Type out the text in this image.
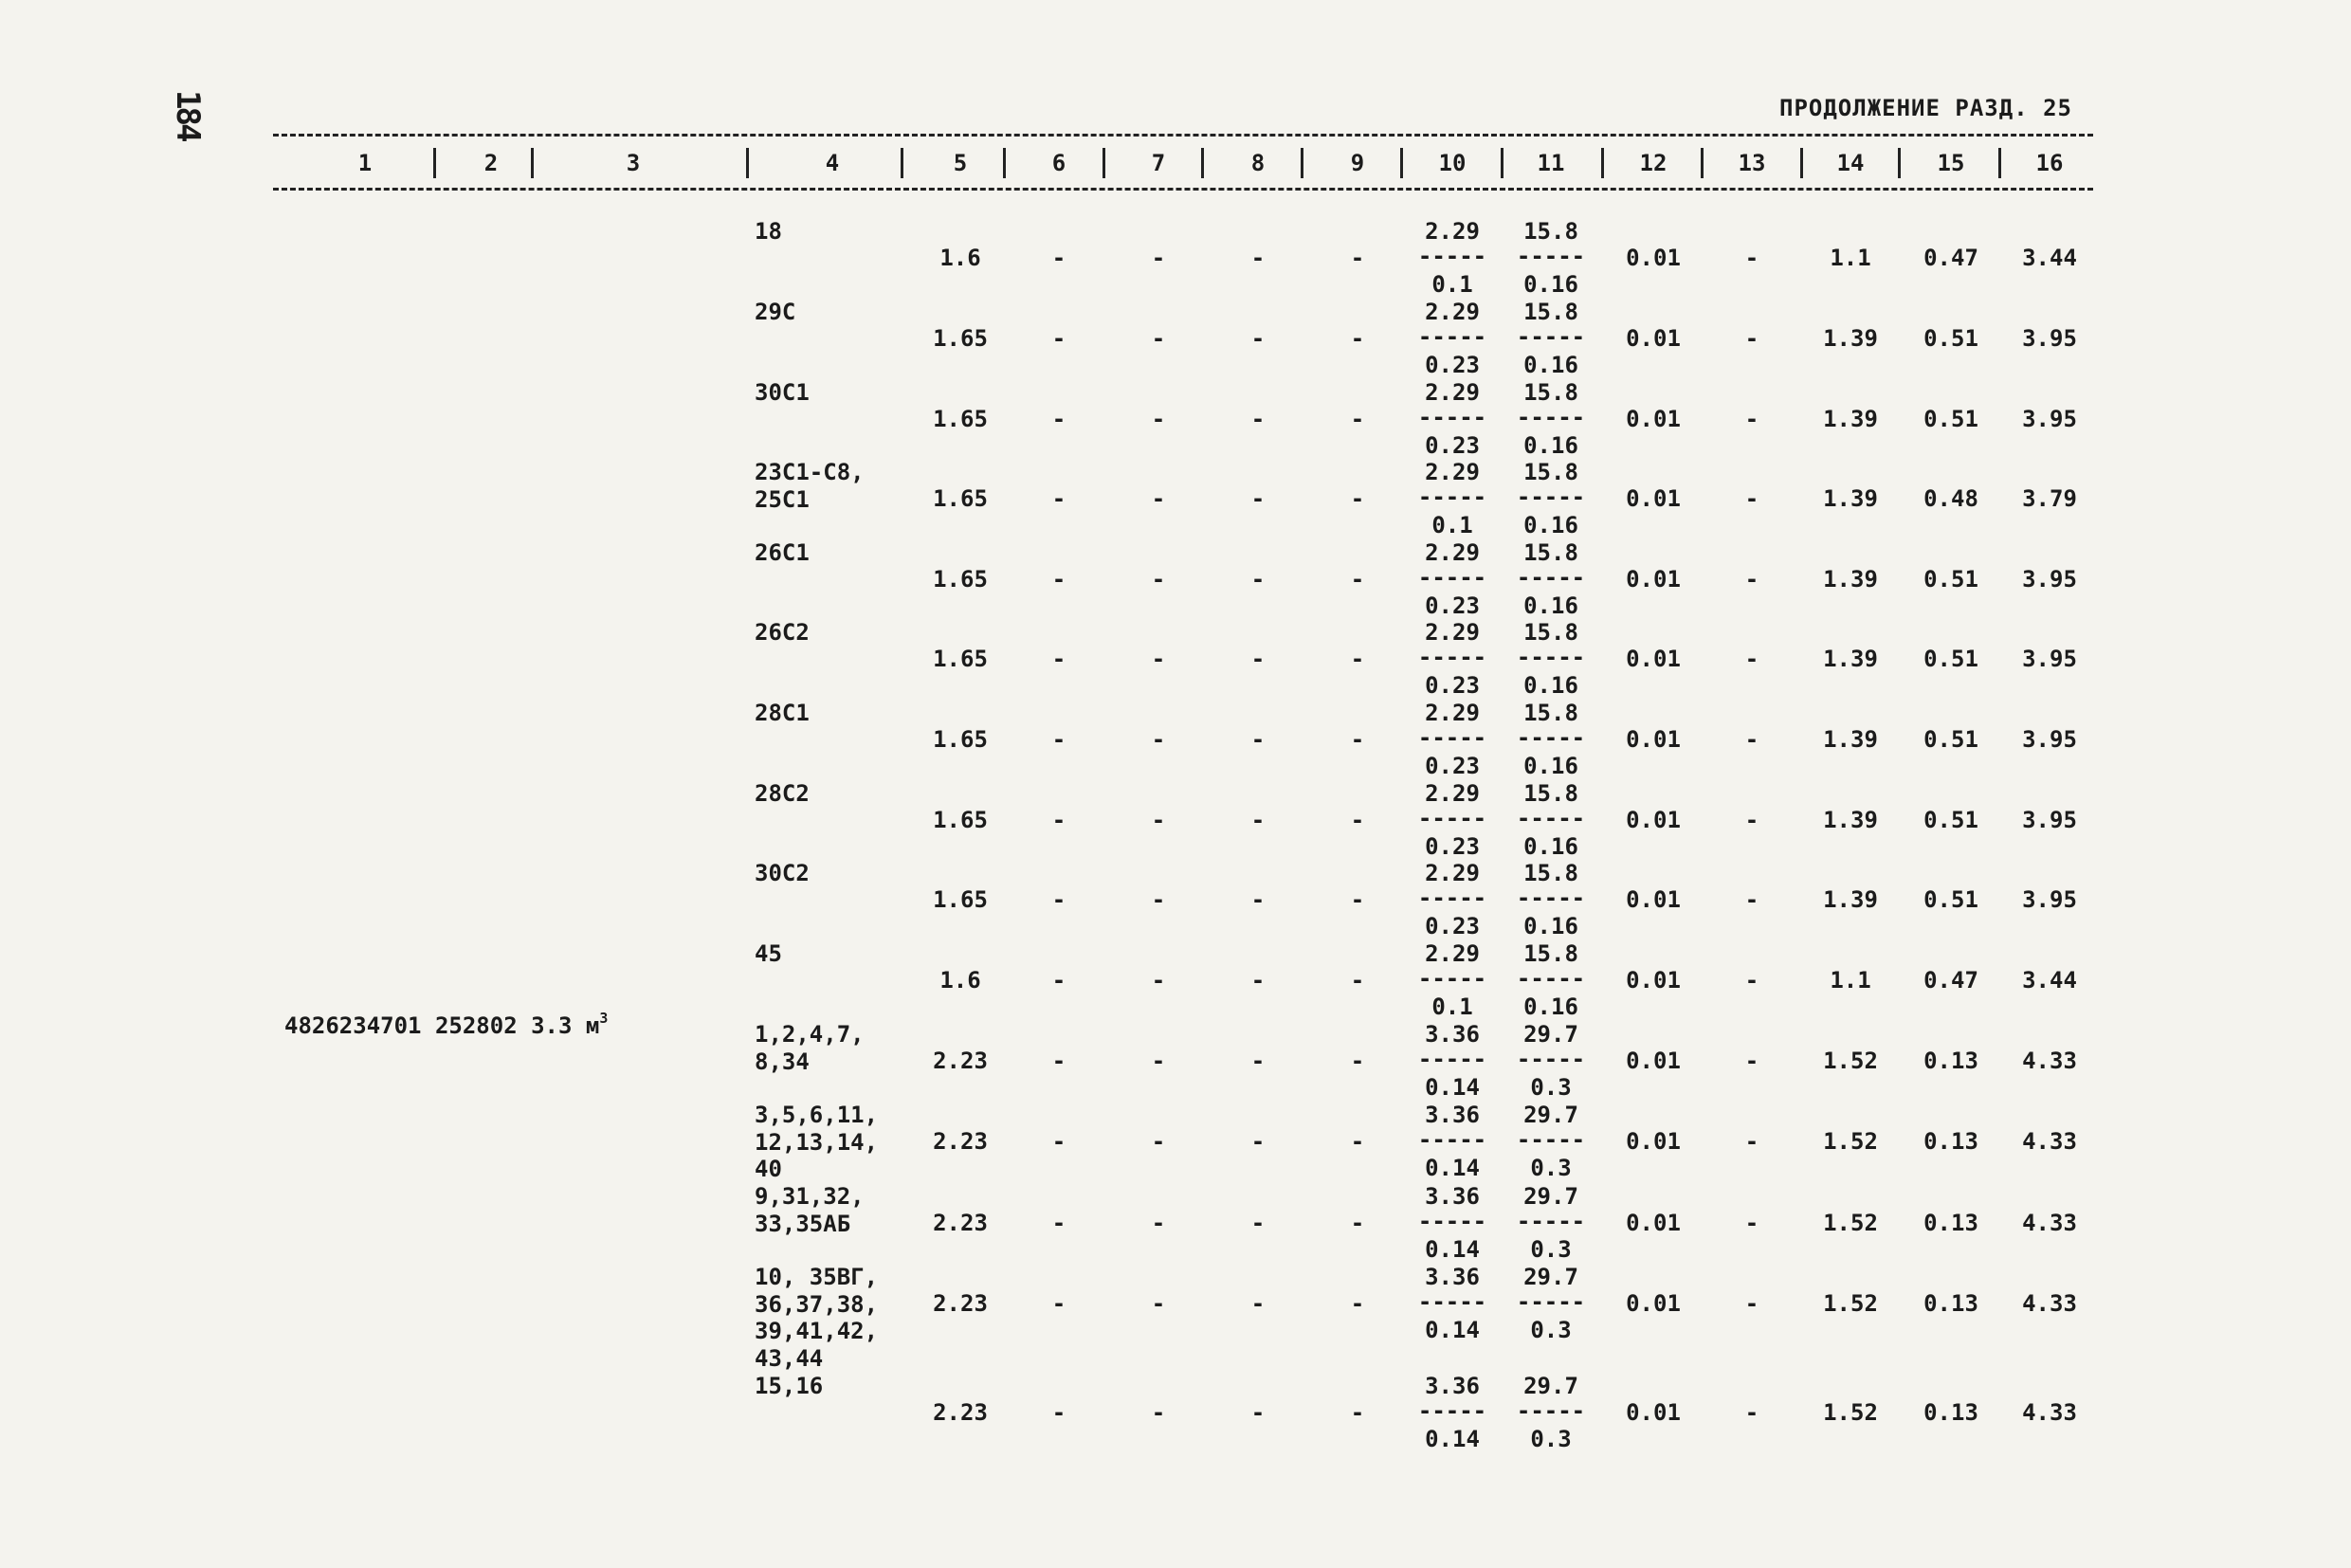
184	ПРОДОЛЖЕНИЕ РАЗД. 25
1	2	3	4	5	6	7	8	9	10	11	12	13	14	15	16
4826234701 252802 3.3 $м^3$
18	2.29 15.8
----- -----
0.1 0.16
1.6	-	-	-	-	0.01	-	1.1 0.47 3.44
29С	2.29 15.8
----- -----
0.23 0.16
1.65	-	-	-	-	0.01	-	1.39 0.51 3.95
30С1	2.29 15.8
----- -----
0.23 0.16
1.65	-	-	-	-	0.01	-	1.39 0.51 3.95
23С1-С8,
25С1
2.29 15.8
----- -----
0.1 0.16
1.65	-	-	-	-	0.01	-	1.39 0.48 3.79
26С1	2.29 15.8
----- -----
0.23 0.16
1.65	-	-	-	-	0.01	-	1.39 0.51 3.95
26С2	2.29 15.8
----- -----
0.23 0.16
1.65	-	-	-	-	0.01	-	1.39 0.51 3.95
28С1	2.29 15.8
----- -----
0.23 0.16
1.65	-	-	-	-	0.01	-	1.39 0.51 3.95
28С2	2.29 15.8
----- -----
0.23 0.16
1.65	-	-	-	-	0.01	-	1.39 0.51 3.95
30С2	2.29 15.8
----- -----
0.23 0.16
1.65	-	-	-	-	0.01	-	1.39 0.51 3.95
45	2.29 15.8
----- -----
0.1 0.16
1.6	-	-	-	-	0.01	-	1.1 0.47 3.44
1,2,4,7,
8,34
3.36 29.7
----- -----
0.14 0.3
2.23	-	-	-	-	0.01	-	1.52 0.13 4.33
3,5,6,11,
12,13,14,
40
3.36 29.7
----- -----
0.14 0.3
2.23	-	-	-	-	0.01	-	1.52 0.13 4.33
9,31,32,
33,35АБ
3.36 29.7
----- -----
0.14 0.3
2.23	-	-	-	-	0.01	-	1.52 0.13 4.33
10, 35ВГ,
36,37,38,
39,41,42,
43,44
3.36 29.7
----- -----
0.14 0.3
2.23	-	-	-	-	0.01	-	1.52 0.13 4.33
15,16	3.36 29.7
----- -----
0.14 0.3
2.23	-	-	-	-	0.01	-	1.52 0.13 4.33
